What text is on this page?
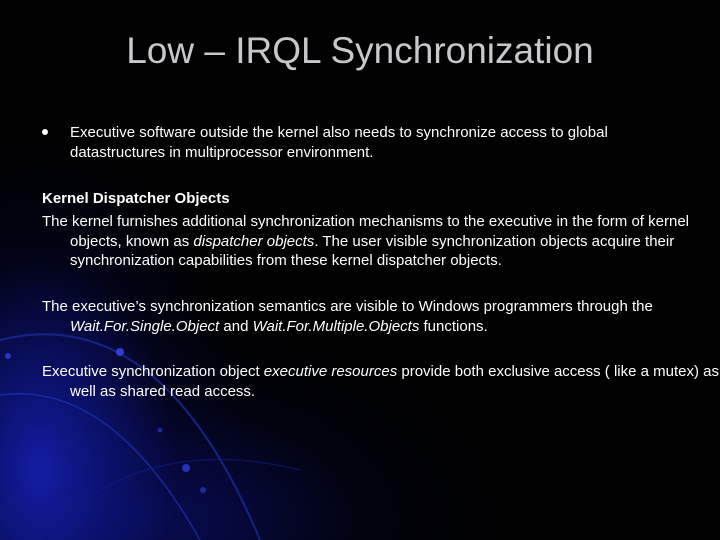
Low – IRQL Synchronization
Executive software outside the kernel also needs to synchronize access to global datastructures in multiprocessor environment.
Kernel Dispatcher Objects
The kernel furnishes additional synchronization mechanisms to the executive in the form of kernel objects, known as dispatcher objects. The user visible synchronization objects acquire their synchronization capabilities from these kernel dispatcher objects.
The executive’s synchronization semantics are visible to Windows programmers through the Wait.For.Single.Object and Wait.For.Multiple.Objects functions.
Executive synchronization object executive resources provide both exclusive access ( like a mutex) as well as shared read access.
